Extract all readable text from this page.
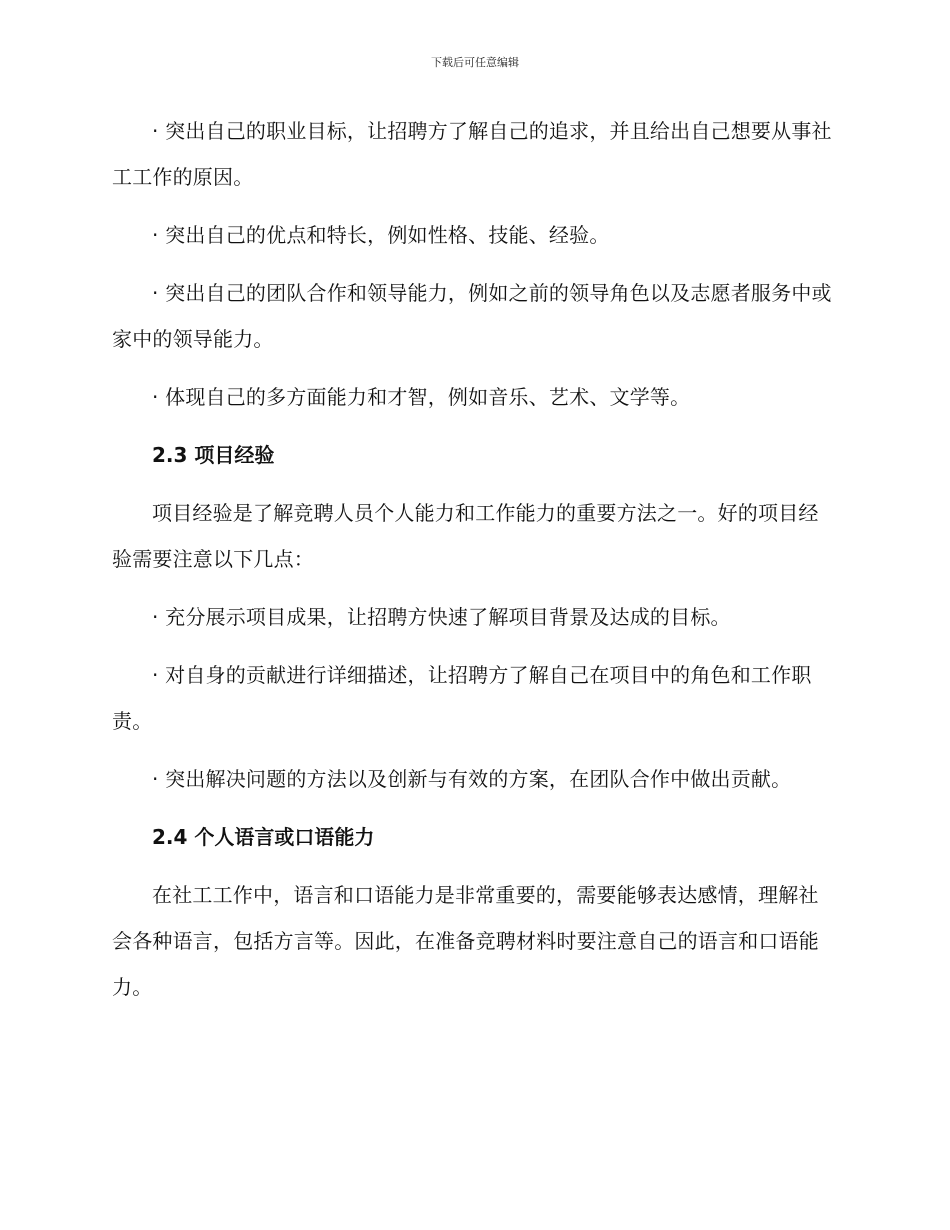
下载后可任意编辑

· 突出自己的职业目标，让招聘方了解自己的追求，并且给出自己想要从事社工工作的原因。

· 突出自己的优点和特长，例如性格、技能、经验。

· 突出自己的团队合作和领导能力，例如之前的领导角色以及志愿者服务中或家中的领导能力。

· 体现自己的多方面能力和才智，例如音乐、艺术、文学等。

2.3 项目经验

项目经验是了解竞聘人员个人能力和工作能力的重要方法之一。好的项目经验需要注意以下几点：

· 充分展示项目成果，让招聘方快速了解项目背景及达成的目标。

· 对自身的贡献进行详细描述，让招聘方了解自己在项目中的角色和工作职责。

· 突出解决问题的方法以及创新与有效的方案，在团队合作中做出贡献。

2.4 个人语言或口语能力

在社工工作中，语言和口语能力是非常重要的，需要能够表达感情，理解社会各种语言，包括方言等。因此，在准备竞聘材料时要注意自己的语言和口语能力。
